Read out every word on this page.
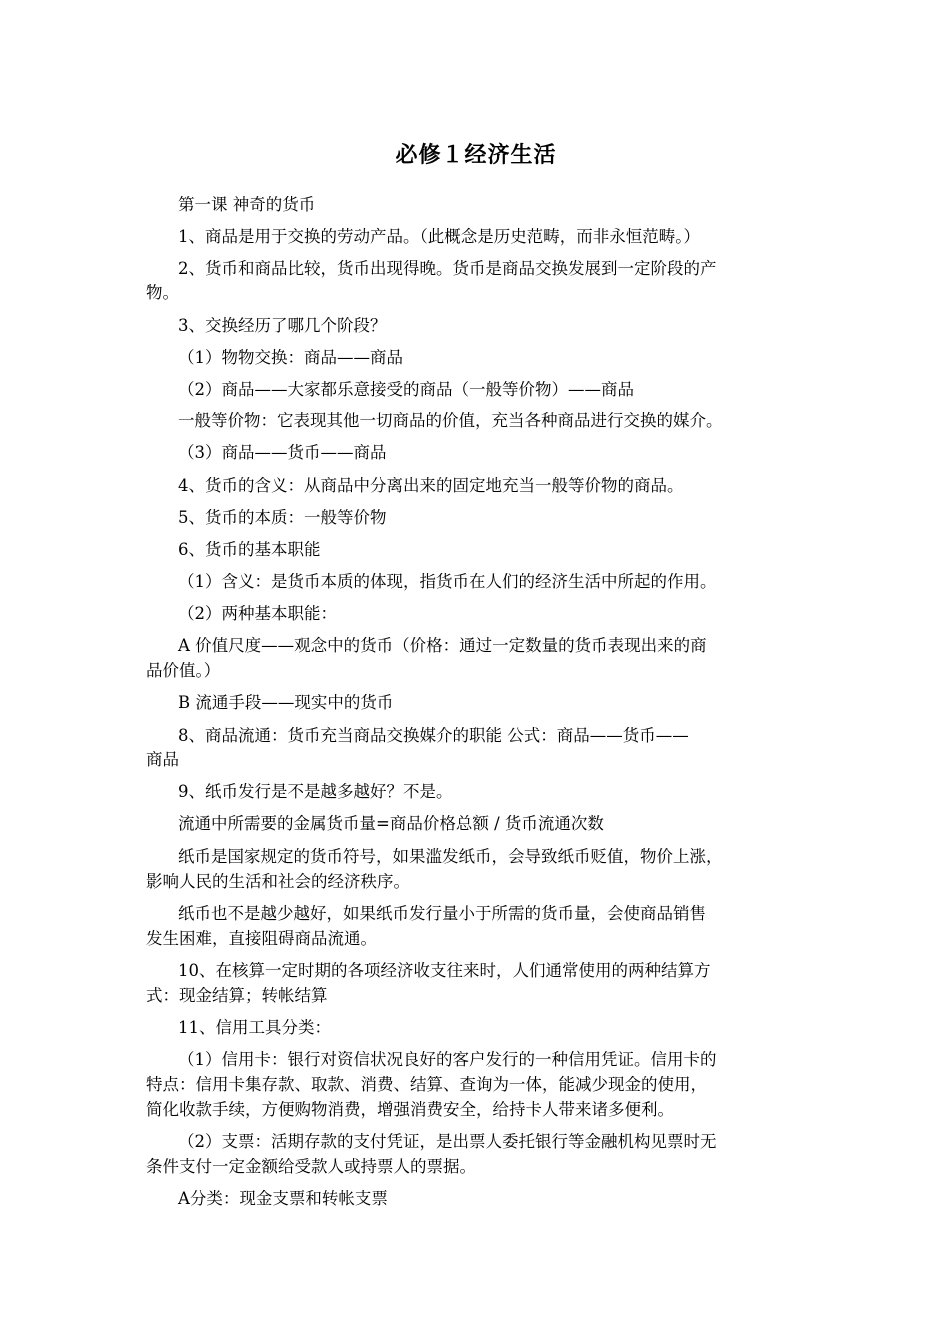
必修１经济生活
第一课 神奇的货币
1、商品是用于交换的劳动产品。（此概念是历史范畴，而非永恒范畴。）
2、货币和商品比较，货币出现得晚。货币是商品交换发展到一定阶段的产
物。
3、交换经历了哪几个阶段？
（1）物物交换：商品——商品
（2）商品——大家都乐意接受的商品（一般等价物）——商品
一般等价物：它表现其他一切商品的价值，充当各种商品进行交换的媒介。
（3）商品——货币——商品
4、货币的含义：从商品中分离出来的固定地充当一般等价物的商品。
5、货币的本质：一般等价物
6、货币的基本职能
（1）含义：是货币本质的体现，指货币在人们的经济生活中所起的作用。
（2）两种基本职能：
A 价值尺度——观念中的货币（价格：通过一定数量的货币表现出来的商
品价值。）
B 流通手段——现实中的货币
8、商品流通：货币充当商品交换媒介的职能 公式：商品——货币——
商品
9、纸币发行是不是越多越好？不是。
流通中所需要的金属货币量=商品价格总额 / 货币流通次数
纸币是国家规定的货币符号，如果滥发纸币，会导致纸币贬值，物价上涨，
影响人民的生活和社会的经济秩序。
纸币也不是越少越好，如果纸币发行量小于所需的货币量，会使商品销售
发生困难，直接阻碍商品流通。
10、在核算一定时期的各项经济收支往来时，人们通常使用的两种结算方
式：现金结算；转帐结算
11、信用工具分类：
（1）信用卡：银行对资信状况良好的客户发行的一种信用凭证。信用卡的
特点：信用卡集存款、取款、消费、结算、查询为一体，能减少现金的使用，
简化收款手续，方便购物消费，增强消费安全，给持卡人带来诸多便利。
（2）支票：活期存款的支付凭证，是出票人委托银行等金融机构见票时无
条件支付一定金额给受款人或持票人的票据。
A分类：现金支票和转帐支票
